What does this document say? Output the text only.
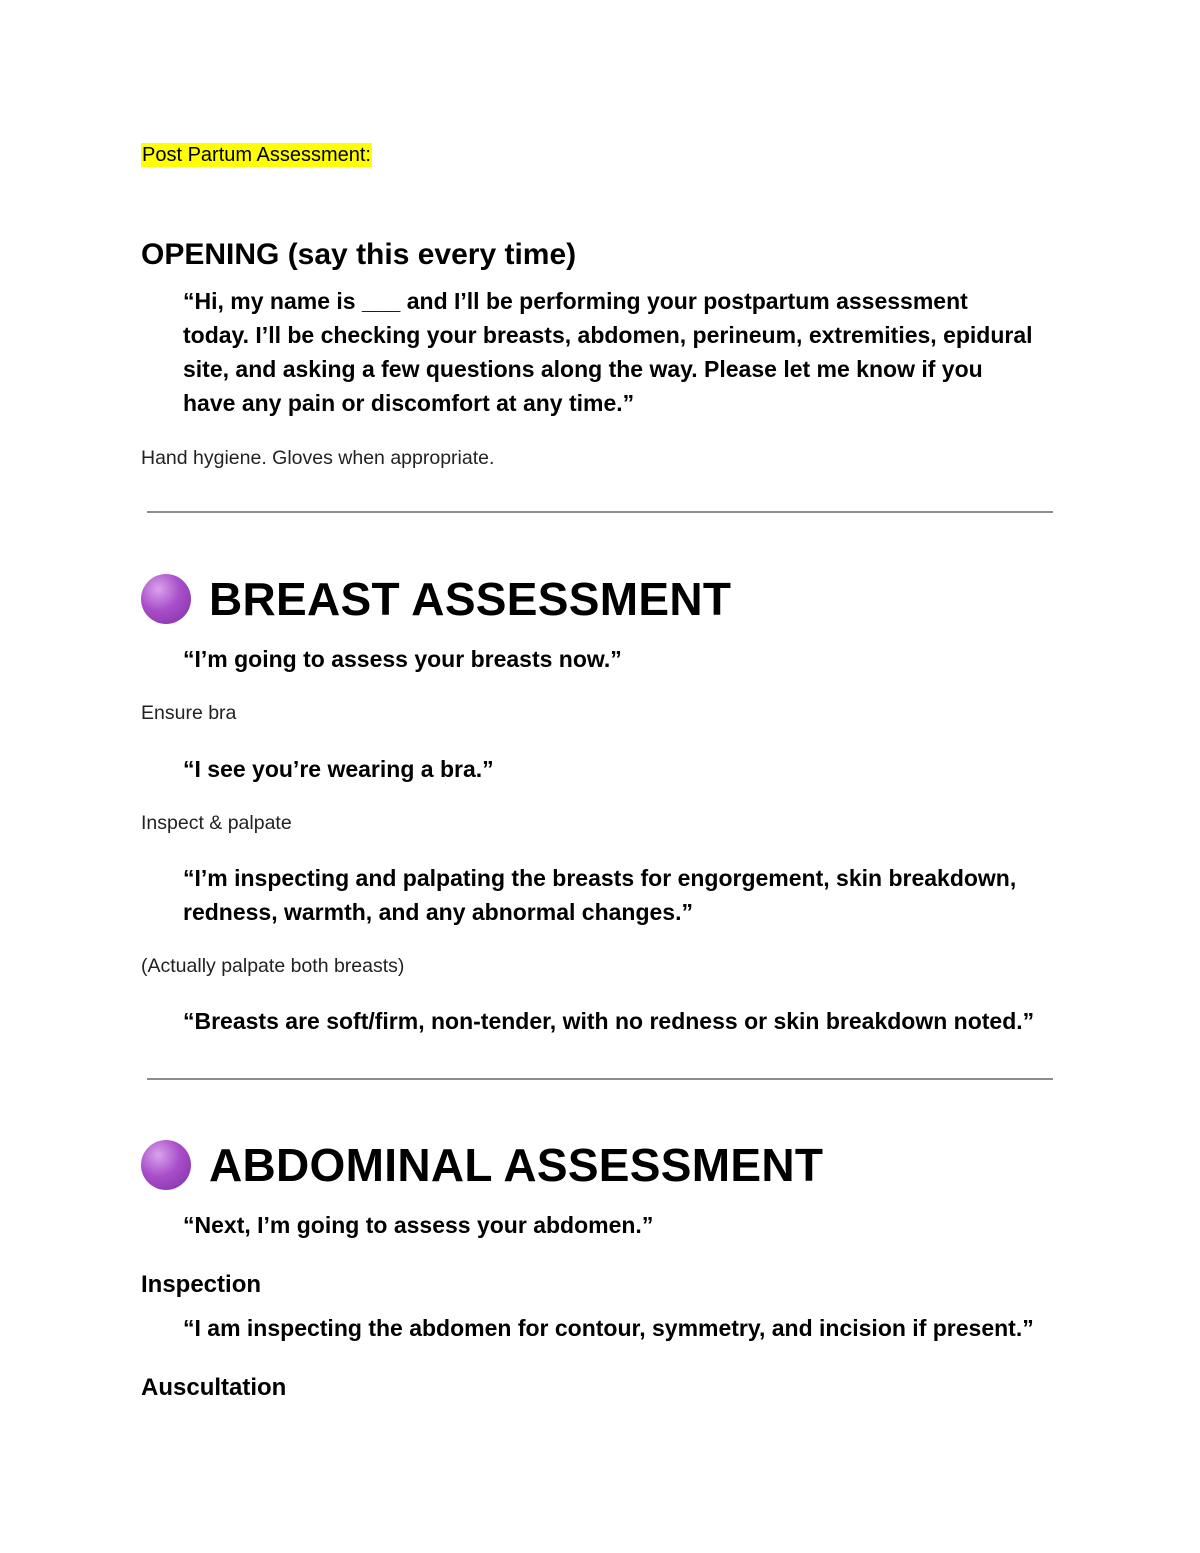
Post Partum Assessment:
OPENING (say this every time)
“Hi, my name is ___ and I’ll be performing your postpartum assessment
today. I’ll be checking your breasts, abdomen, perineum, extremities, epidural
site, and asking a few questions along the way. Please let me know if you
have any pain or discomfort at any time.”
Hand hygiene. Gloves when appropriate.
BREAST ASSESSMENT
“I’m going to assess your breasts now.”
Ensure bra
“I see you’re wearing a bra.”
Inspect & palpate
“I’m inspecting and palpating the breasts for engorgement, skin breakdown,
redness, warmth, and any abnormal changes.”
(Actually palpate both breasts)
“Breasts are soft/firm, non-tender, with no redness or skin breakdown noted.”
ABDOMINAL ASSESSMENT
“Next, I’m going to assess your abdomen.”
Inspection
“I am inspecting the abdomen for contour, symmetry, and incision if present.”
Auscultation
